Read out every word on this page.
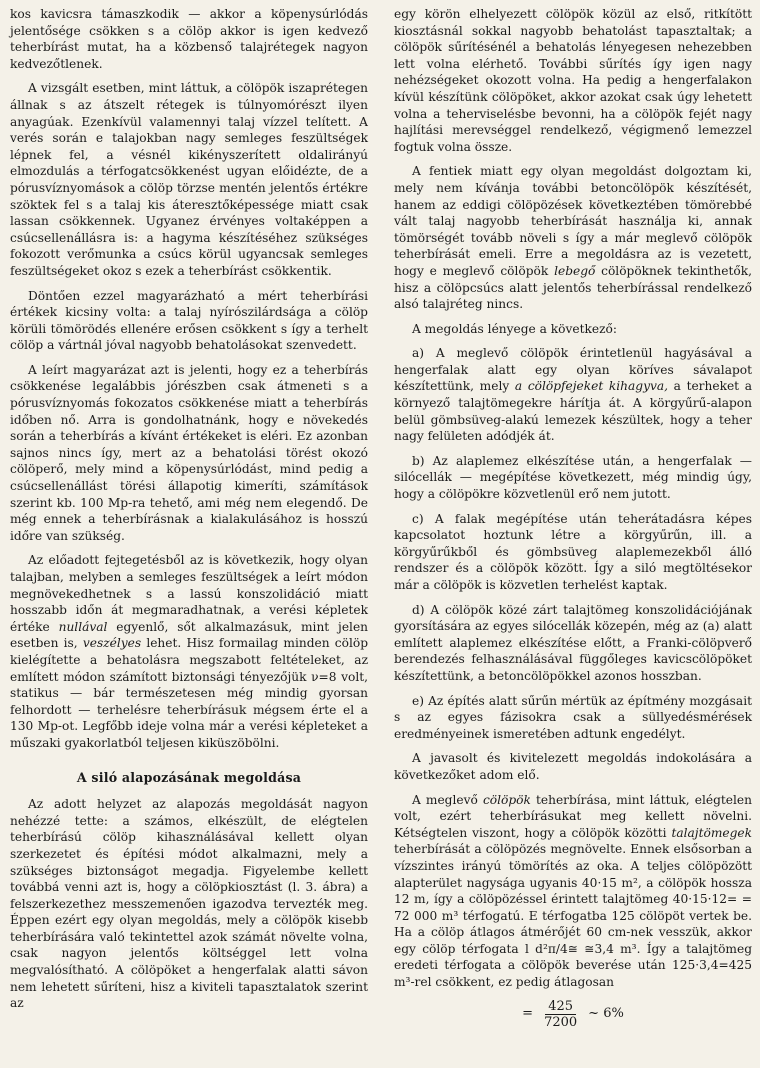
kos kavicsra támaszkodik — akkor a köpenysúrlódás jelentősége csökken s a cölöp akkor is igen kedvező teherbírást mutat, ha a közbenső talajrétegek nagyon kedvezőtlenek.

A vizsgált esetben, mint láttuk, a cölöpök iszaprétegen állnak s az átszelt rétegek is túlnyomórészt ilyen anyagúak. Ezenkívül valamennyi talaj vízzel telített. A verés során e talajokban nagy semleges feszültségek lépnek fel, a vésnél kikényszerített oldalirányú elmozdulás a térfogatcsökkenést ugyan előidézte, de a pórusvíznyomások a cölöp törzse mentén jelentős értékre szöktek fel s a talaj kis áteresztőképessége miatt csak lassan csökkennek. Ugyanez érvényes voltaképpen a csúcsellenállásra is: a hagyma készítéséhez szükséges fokozott verőmunka a csúcs körül ugyancsak semleges feszültségeket okoz s ezek a teherbírást csökkentik.

Döntően ezzel magyarázható a mért teherbírási értékek kicsiny volta: a talaj nyírószilárdsága a cölöp körüli tömörödés ellenére erősen csökkent s így a terhelt cölöp a vártnál jóval nagyobb behatolásokat szenvedett.

A leírt magyarázat azt is jelenti, hogy ez a teherbírás csökkenése legalábbis jórészben csak átmeneti s a pórusvíznyomás fokozatos csökkenése miatt a teherbírás időben nő. Arra is gondolhatnánk, hogy e növekedés során a teherbírás a kívánt értékeket is eléri. Ez azonban sajnos nincs így, mert az a behatolási törést okozó cölöperő, mely mind a köpenysúrlódást, mind pedig a csúcsellenállást törési állapotig kimeríti, számítások szerint kb. 100 Mp-ra tehető, ami még nem elegendő. De még ennek a teherbírásnak a kialakulásához is hosszú időre van szükség.

Az előadott fejtegetésből az is következik, hogy olyan talajban, melyben a semleges feszültségek a leírt módon megnövekedhetnek s a lassú konszolidáció miatt hosszabb időn át megmaradhatnak, a verési képletek értéke nullával egyenlő, sőt alkalmazásuk, mint jelen esetben is, veszélyes lehet. Hisz formailag minden cölöp kielégítette a behatolásra megszabott feltételeket, az említett módon számított biztonsági tényezőjük ν=8 volt, statikus — bár természetesen még mindig gyorsan felhordott — terhelésre teherbírásuk mégsem érte el a 130 Mp-ot. Legfőbb ideje volna már a verési képleteket a műszaki gyakorlatból teljesen kiküszöbölni.

A siló alapozásának megoldása

Az adott helyzet az alapozás megoldását nagyon nehézzé tette: a számos, elkészült, de elégtelen teherbírású cölöp kihasználásával kellett olyan szerkezetet és építési módot alkalmazni, mely a szükséges biztonságot megadja. Figyelembe kellett továbbá venni azt is, hogy a cölöpkiosztást (l. 3. ábra) a felszerkezethez messzemenően igazodva tervezték meg. Éppen ezért egy olyan megoldás, mely a cölöpök kisebb teherbírására való tekintettel azok számát növelte volna, csak nagyon jelentős költséggel lett volna megvalósítható. A cölöpöket a hengerfalak alatti sávon nem lehetett sűríteni, hisz a kiviteli tapasztalatok szerint az

egy körön elhelyezett cölöpök közül az első, ritkítött kiosztásnál sokkal nagyobb behatolást tapasztaltak; a cölöpök sűrítésénél a behatolás lényegesen nehezebben lett volna elérhető. További sűrítés így igen nagy nehézségeket okozott volna. Ha pedig a hengerfalakon kívül készítünk cölöpöket, akkor azokat csak úgy lehetett volna a teherviselésbe bevonni, ha a cölöpök fejét nagy hajlítási merevséggel rendelkező, végigmenő lemezzel fogtuk volna össze.

A fentiek miatt egy olyan megoldást dolgoztam ki, mely nem kívánja további betoncölöpök készítését, hanem az eddigi cölöpözések következtében tömörebbé vált talaj nagyobb teherbírását használja ki, annak tömörségét tovább növeli s így a már meglevő cölöpök teherbírását emeli. Erre a megoldásra az is vezetett, hogy e meglevő cölöpök lebegő cölöpöknek tekinthetők, hisz a cölöpcsúcs alatt jelentős teherbírással rendelkező alsó talajréteg nincs.

A megoldás lényege a következő:

a) A meglevő cölöpök érintetlenül hagyásával a hengerfalak alatt egy olyan köríves sávalapot készítettünk, mely a cölöpfejeket kihagyva, a terheket a környező talajtömegekre hárítja át. A körgyűrű-alapon belül gömbsüveg-alakú lemezek készültek, hogy a teher nagy felületen adódjék át.

b) Az alaplemez elkészítése után, a hengerfalak — silócellák — megépítése következett, még mindig úgy, hogy a cölöpökre közvetlenül erő nem jutott.

c) A falak megépítése után teherátadásra képes kapcsolatot hoztunk létre a körgyűrűn, ill. a körgyűrűkből és gömbsüveg alaplemezekből álló rendszer és a cölöpök között. Így a siló megtöltésekor már a cölöpök is közvetlen terhelést kaptak.

d) A cölöpök közé zárt talajtömeg konszolidációjának gyorsítására az egyes silócellák közepén, még az (a) alatt említett alaplemez elkészítése előtt, a Franki-cölöpverő berendezés felhasználásával függőleges kavicscölöpöket készítettünk, a betoncölöpökkel azonos hosszban.

e) Az építés alatt sűrűn mértük az építmény mozgásait s az egyes fázisokra csak a süllyedésmérések eredményeinek ismeretében adtunk engedélyt.

A javasolt és kivitelezett megoldás indokolására a következőket adom elő.

A meglevő cölöpök teherbírása, mint láttuk, elégtelen volt, ezért teherbírásukat meg kellett növelni. Kétségtelen viszont, hogy a cölöpök közötti talajtömegek teherbírását a cölöpözés megnövelte. Ennek elsősorban a vízszintes irányú tömörítés az oka. A teljes cölöpözött alapterület nagysága ugyanis 40·15 m², a cölöpök hossza 12 m, így a cölöpözéssel érintett talajtömeg 40·15·12= = 72 000 m³ térfogatú. E térfogatba 125 cölöpöt vertek be. Ha a cölöp átlagos átmérőjét 60 cm-nek vesszük, akkor egy cölöp térfogata l d²π/4≅ ≅3,4 m³. Így a talajtömeg eredeti térfogata a cölöpök beverése után 125·3,4=425 m³-rel csökkent, ez pedig átlagosan

= $\frac{425}{7200}$ ~ 6%
